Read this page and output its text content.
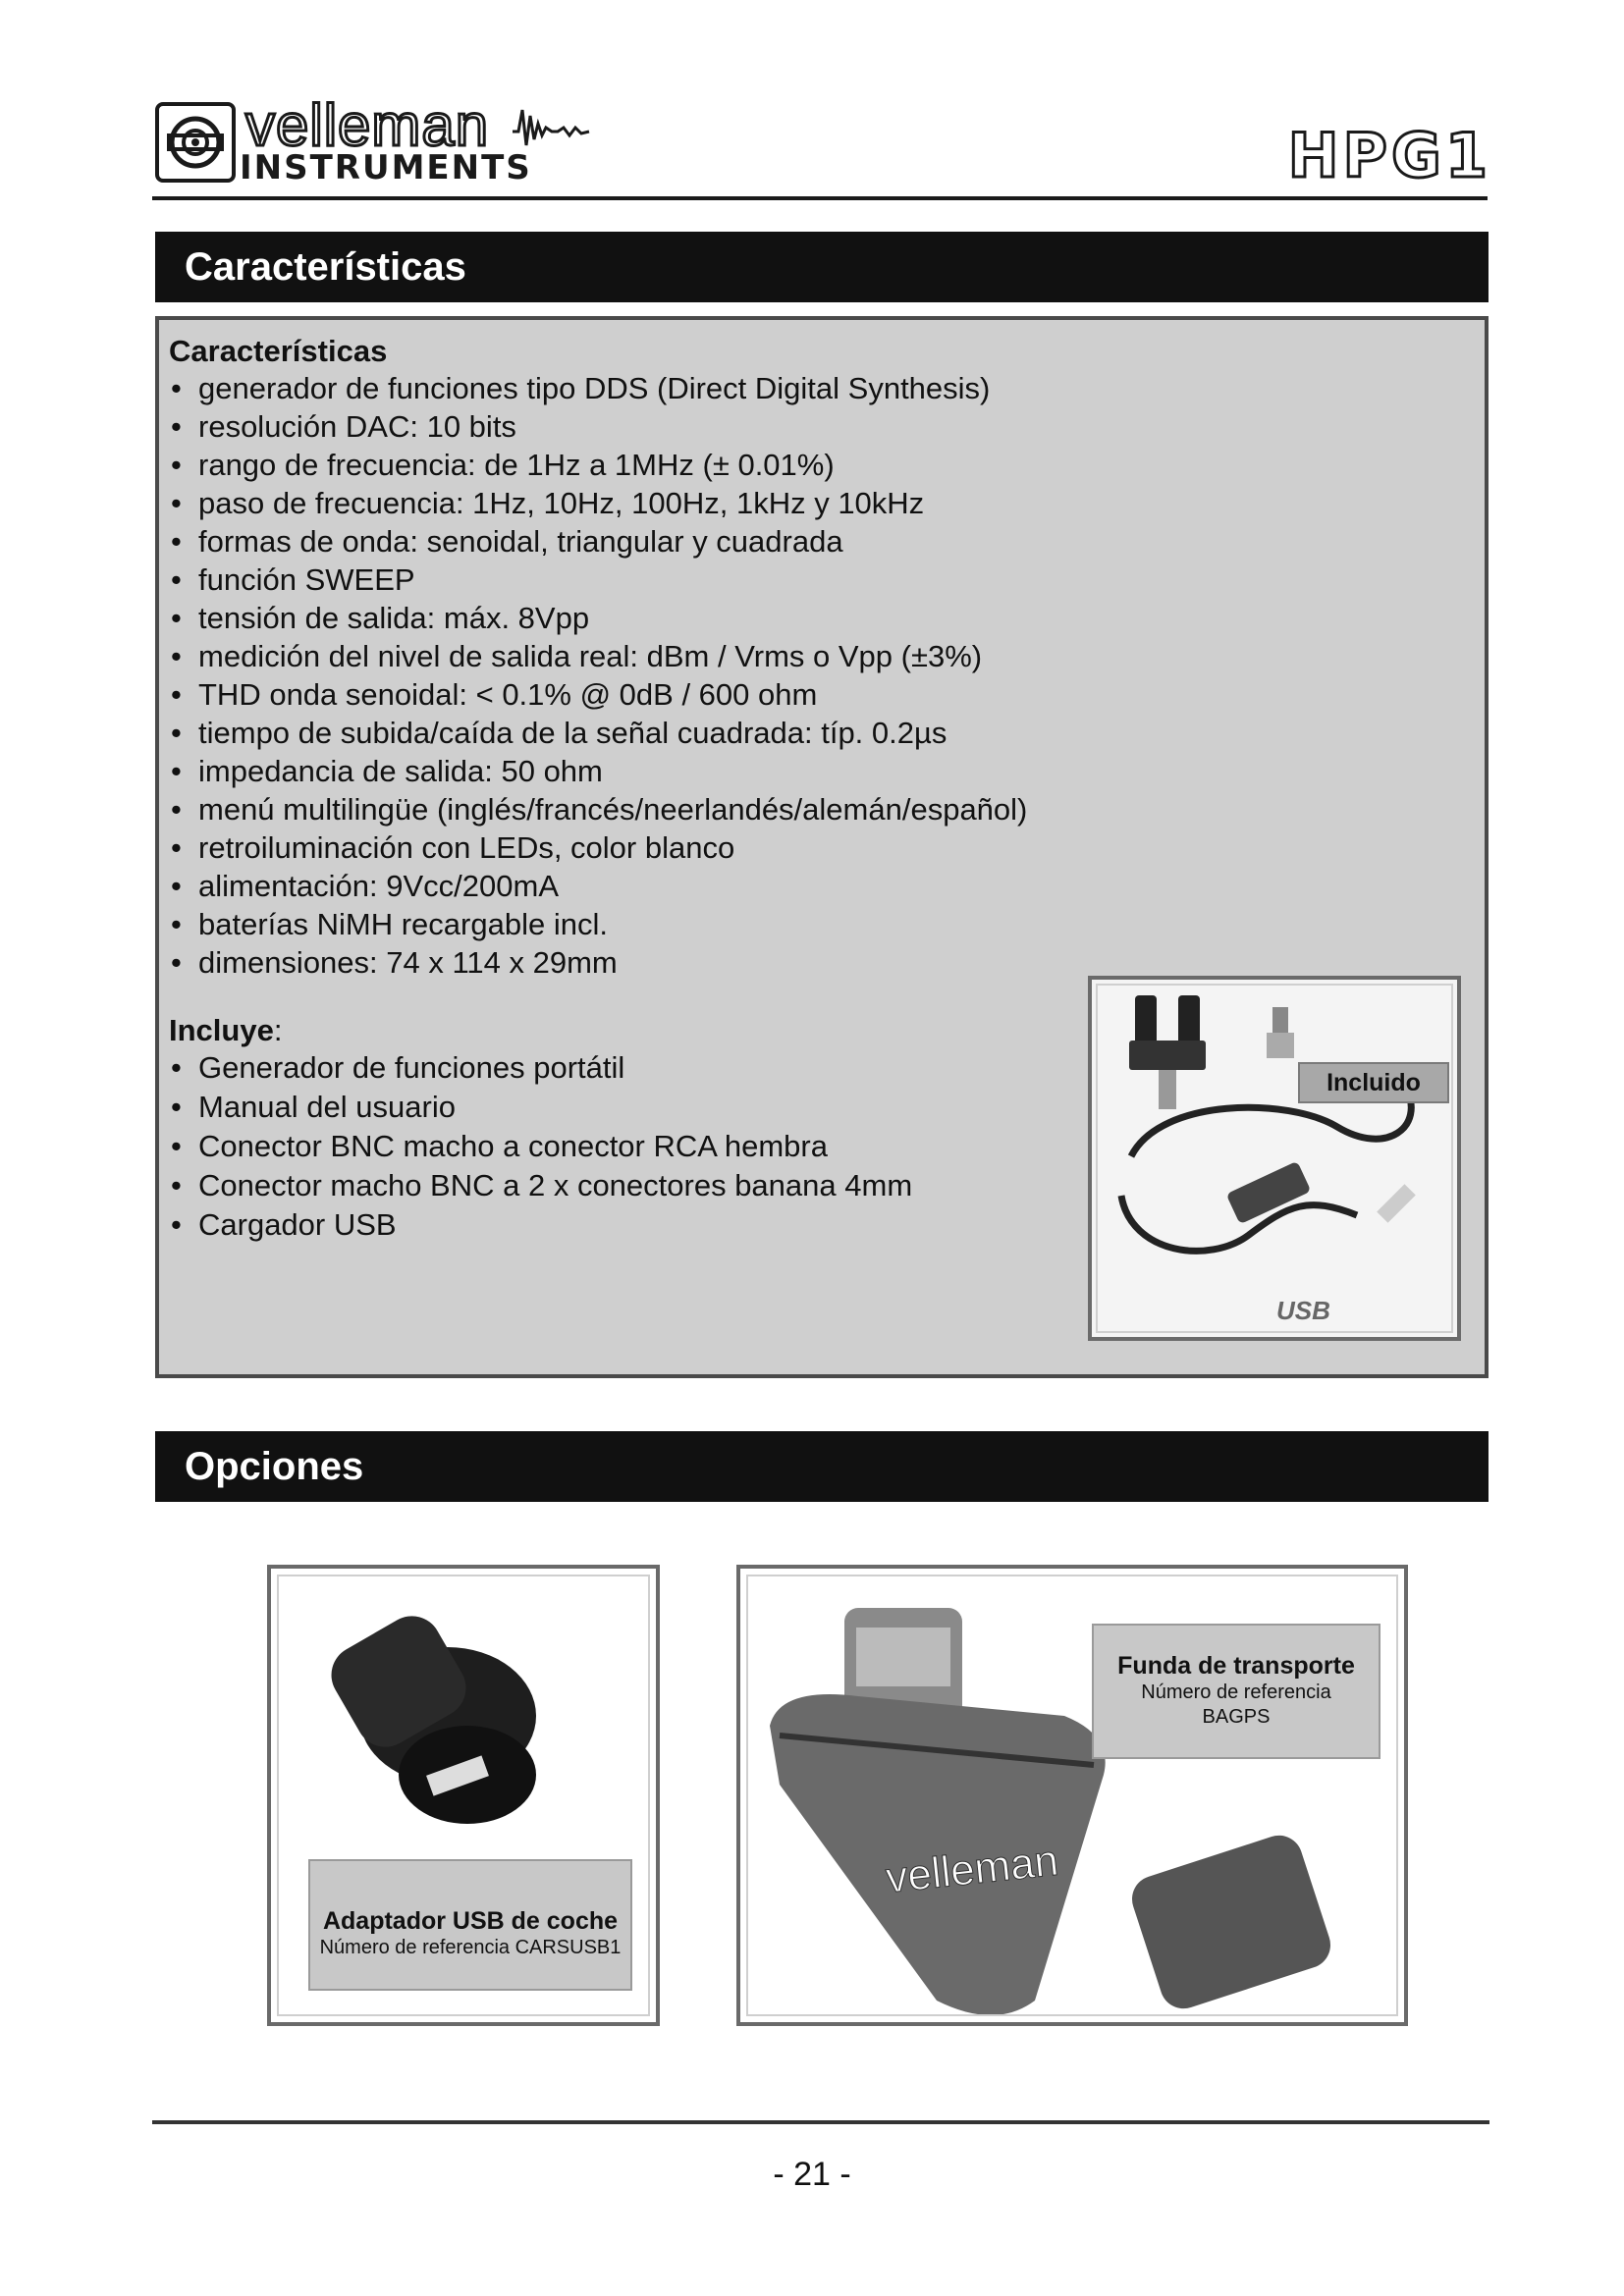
velleman
INSTRUMENTS	HPG1
Características
Características
• generador de funciones tipo DDS (Direct Digital Synthesis)
• resolución DAC: 10 bits
• rango de frecuencia: de 1Hz a 1MHz (± 0.01%)
• paso de frecuencia: 1Hz, 10Hz, 100Hz, 1kHz y 10kHz
• formas de onda: senoidal, triangular y cuadrada
• función SWEEP
• tensión de salida: máx. 8Vpp
• medición del nivel de salida real: dBm / Vrms o Vpp (±3%)
• THD onda senoidal: < 0.1% @ 0dB / 600 ohm
• tiempo de subida/caída de la señal cuadrada: típ. 0.2µs
• impedancia de salida: 50 ohm
• menú multilingüe (inglés/francés/neerlandés/alemán/español)
• retroiluminación con LEDs, color blanco
• alimentación: 9Vcc/200mA
• baterías NiMH recargable incl.
• dimensiones: 74 x 114 x 29mm
Incluye:
• Generador de funciones portátil
• Manual del usuario
• Conector BNC macho a conector RCA hembra
• Conector macho BNC a 2 x conectores banana 4mm
• Cargador USB
Incluido
USB
Opciones
Adaptador USB de coche
Número de referencia CARSUSB1
velleman
Funda de transporte
Número de referencia
BAGPS
- 21 -
